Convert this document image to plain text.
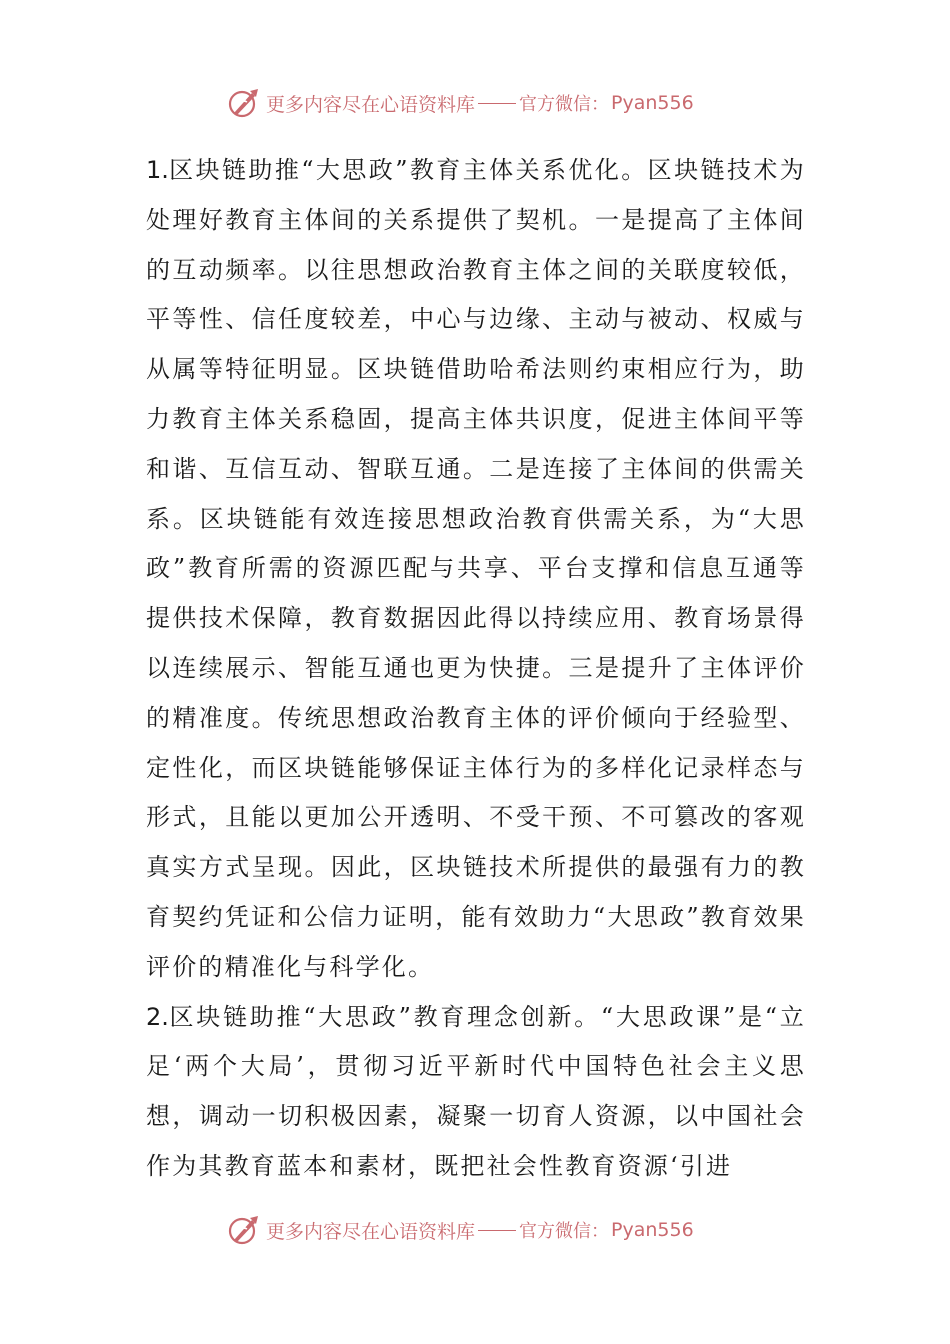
更多内容尽在心语资料库 官方微信： Pyan556

1.区块链助推“大思政”教育主体关系优化。区块链技术为处理好教育主体间的关系提供了契机。一是提高了主体间的互动频率。以往思想政治教育主体之间的关联度较低，平等性、信任度较差，中心与边缘、主动与被动、权威与从属等特征明显。区块链借助哈希法则约束相应行为，助力教育主体关系稳固，提高主体共识度，促进主体间平等和谐、互信互动、智联互通。二是连接了主体间的供需关系。区块链能有效连接思想政治教育供需关系，为“大思政”教育所需的资源匹配与共享、平台支撑和信息互通等提供技术保障，教育数据因此得以持续应用、教育场景得以连续展示、智能互通也更为快捷。三是提升了主体评价的精准度。传统思想政治教育主体的评价倾向于经验型、定性化，而区块链能够保证主体行为的多样化记录样态与形式，且能以更加公开透明、不受干预、不可篡改的客观真实方式呈现。因此，区块链技术所提供的最强有力的教育契约凭证和公信力证明，能有效助力“大思政”教育效果评价的精准化与科学化。

2.区块链助推“大思政”教育理念创新。“大思政课”是“立足‘两个大局’，贯彻习近平新时代中国特色社会主义思想，调动一切积极因素，凝聚一切育人资源，以中国社会作为其教育蓝本和素材，既把社会性教育资源‘引进

更多内容尽在心语资料库 官方微信： Pyan556
